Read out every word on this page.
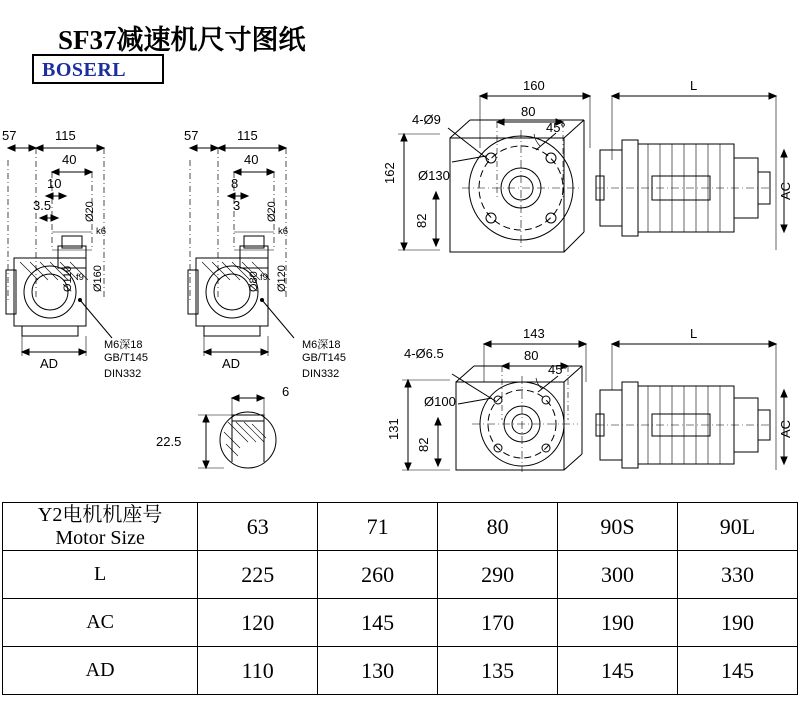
SF37减速机尺寸图纸
BOSERL
57	115
40
10
3.5	Ø20
k6
Ø110 f9 Ø160
AD
M6深18
GB/T145
DIN332
57	115
40
8
3 Ø20
k6
Ø80 f9 Ø120
AD
M6深18
GB/T145
DIN332
6
22.5
160
80
45°
4-Ø9
Ø130
162
82
L
AC
143
80
45°
4-Ø6.5
Ø100
131
82
L
AC
Y2电机机座号
Motor Size	63	71	80	90S	90L
L	225	260	290	300	330
AC	120	145	170	190	190
AD	110	130	135	145	145
